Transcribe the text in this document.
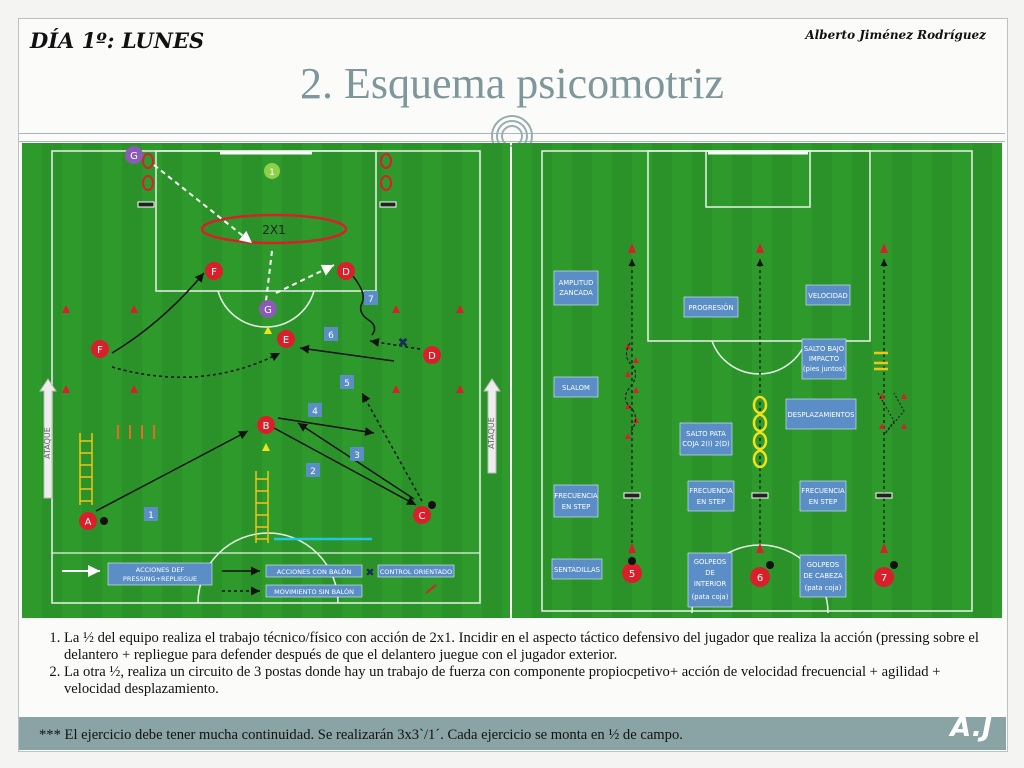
DÍA 1º: LUNES	Alberto Jiménez Rodríguez
2. Esquema psicomotriz
2X1
ATAQUE	ATAQUE
✖
G
1
F	D
G
E
F
D
B
A
C
1
2
3
4
5
6
7
ACCIONES DEF
PRESSING+REPLIEGUE
ACCIONES CON BALÓN ✖ CONTROL ORIENTADO
MOVIMIENTO SIN BALÓN
5	6	7
AMPLITUD
ZANCADA
PROGRESIÓN
VELOCIDAD
SALTO BAJO
IMPACTO
(pies juntos)
SLALOM
DESPLAZAMIENTOS
SALTO PATA
COJA 2(I) 2(D)
FRECUENCIA
EN STEP
FRECUENCIA
EN STEP
FRECUENCIA
EN STEP
SENTADILLAS
GOLPEOS
DE
INTERIOR
(pata coja)
GOLPEOS
DE CABEZA
(pata coja)
1. La ½ del equipo realiza el trabajo técnico/físico con acción de 2x1. Incidir en el aspecto táctico defensivo del jugador que realiza la acción (pressing sobre el delantero + repliegue para defender después de que el delantero juegue con el jugador exterior.
2. La otra ½, realiza un circuito de 3 postas donde hay un trabajo de fuerza con componente propiocpetivo+ acción de velocidad frecuencial + agilidad + velocidad desplazamiento.
*** El ejercicio debe tener mucha continuidad. Se realizarán 3x3`/1´. Cada ejercicio se monta en ½ de campo.	A.J
